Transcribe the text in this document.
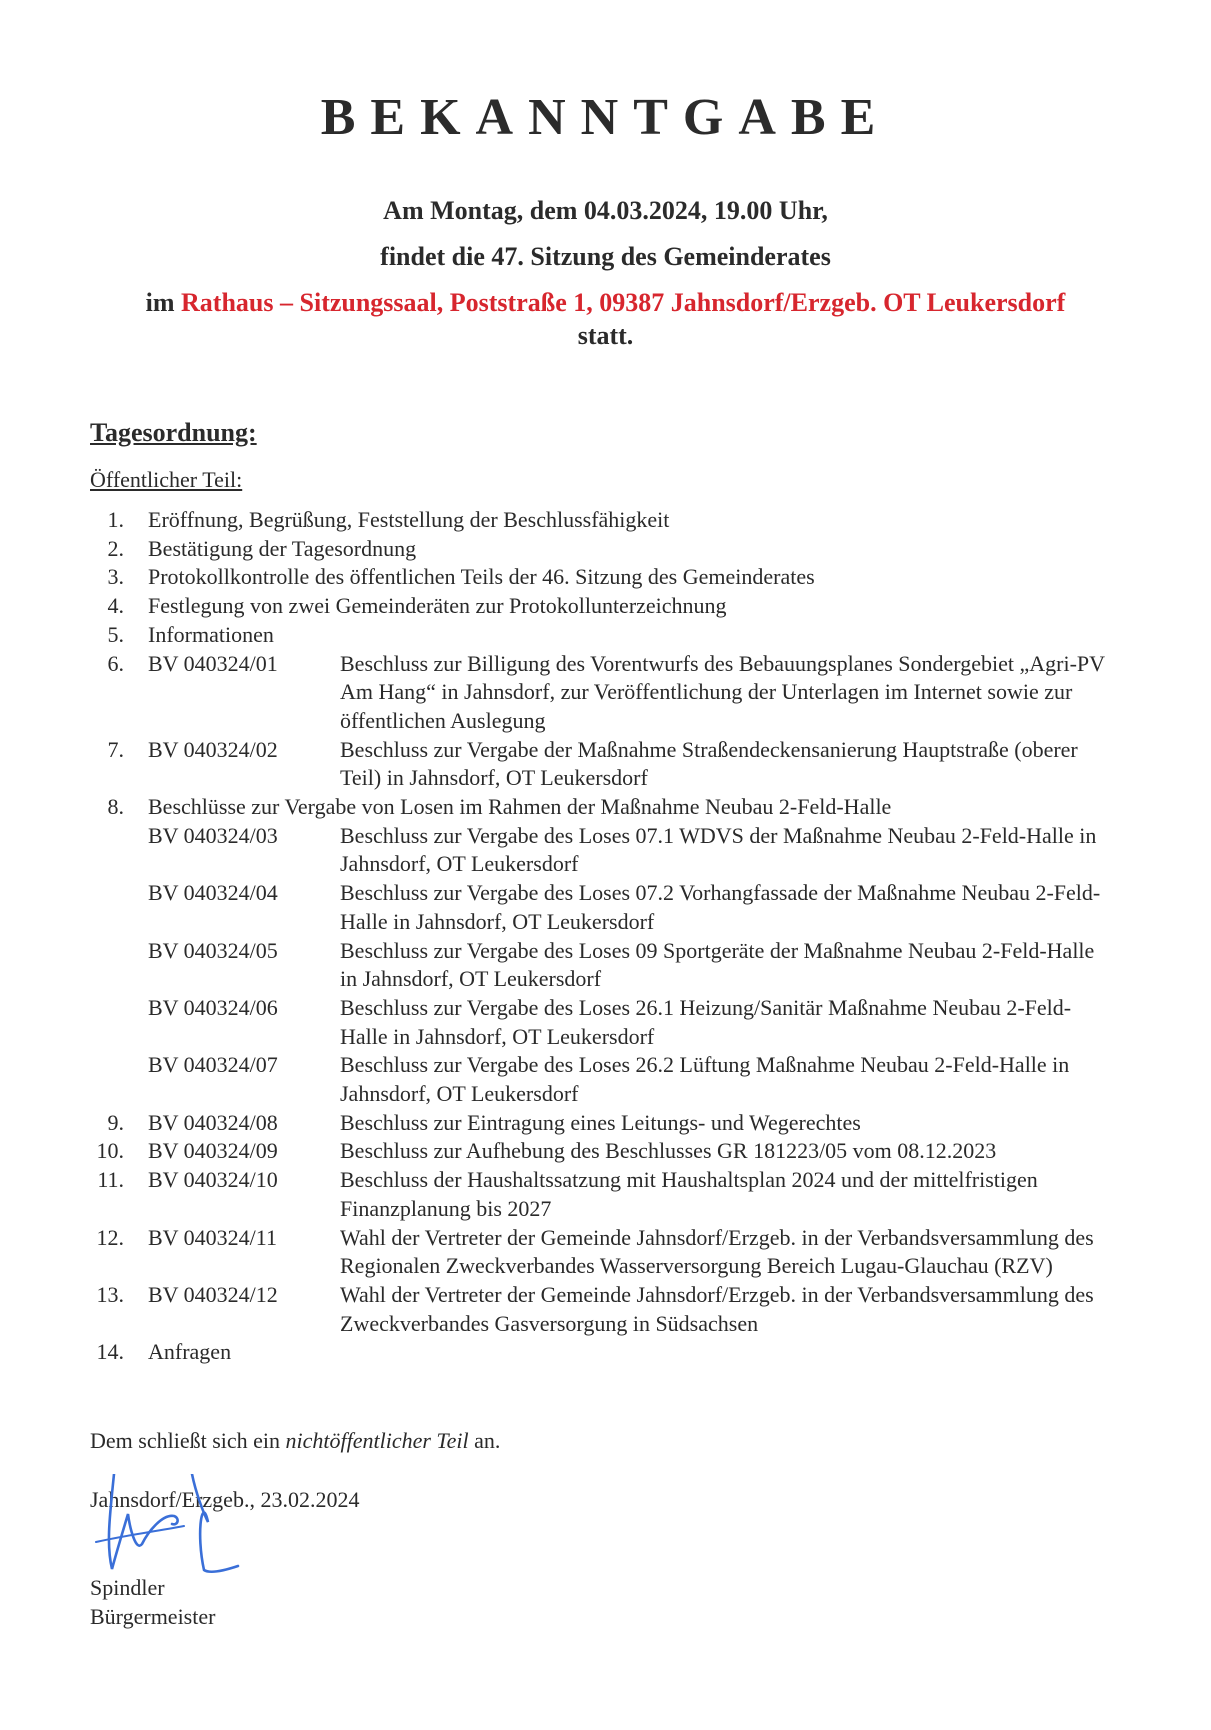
BEKANNTGABE
Am Montag, dem 04.03.2024, 19.00 Uhr,
findet die 47. Sitzung des Gemeinderates
im Rathaus – Sitzungssaal, Poststraße 1, 09387 Jahnsdorf/Erzgeb. OT Leukersdorf
statt.
Tagesordnung:
Öffentlicher Teil:
1. Eröffnung, Begrüßung, Feststellung der Beschlussfähigkeit
2. Bestätigung der Tagesordnung
3. Protokollkontrolle des öffentlichen Teils der 46. Sitzung des Gemeinderates
4. Festlegung von zwei Gemeinderäten zur Protokollunterzeichnung
5. Informationen
6. BV 040324/01	Beschluss zur Billigung des Vorentwurfs des Bebauungsplanes Sondergebiet „Agri-PV Am Hang“ in Jahnsdorf, zur Veröffentlichung der Unterlagen im Internet sowie zur öffentlichen Auslegung
7. BV 040324/02	Beschluss zur Vergabe der Maßnahme Straßendeckensanierung Hauptstraße (oberer Teil) in Jahnsdorf, OT Leukersdorf
8. Beschlüsse zur Vergabe von Losen im Rahmen der Maßnahme Neubau 2-Feld-Halle
BV 040324/03	Beschluss zur Vergabe des Loses 07.1 WDVS der Maßnahme Neubau 2-Feld-Halle in Jahnsdorf, OT Leukersdorf
BV 040324/04	Beschluss zur Vergabe des Loses 07.2 Vorhangfassade der Maßnahme Neubau 2-Feld-Halle in Jahnsdorf, OT Leukersdorf
BV 040324/05	Beschluss zur Vergabe des Loses 09 Sportgeräte der Maßnahme Neubau 2-Feld-Halle in Jahnsdorf, OT Leukersdorf
BV 040324/06	Beschluss zur Vergabe des Loses 26.1 Heizung/Sanitär Maßnahme Neubau 2-Feld-Halle in Jahnsdorf, OT Leukersdorf
BV 040324/07	Beschluss zur Vergabe des Loses 26.2 Lüftung Maßnahme Neubau 2-Feld-Halle in Jahnsdorf, OT Leukersdorf
9. BV 040324/08	Beschluss zur Eintragung eines Leitungs- und Wegerechtes
10. BV 040324/09	Beschluss zur Aufhebung des Beschlusses GR 181223/05 vom 08.12.2023
11. BV 040324/10	Beschluss der Haushaltssatzung mit Haushaltsplan 2024 und der mittelfristigen Finanzplanung bis 2027
12. BV 040324/11	Wahl der Vertreter der Gemeinde Jahnsdorf/Erzgeb. in der Verbandsversammlung des Regionalen Zweckverbandes Wasserversorgung Bereich Lugau-Glauchau (RZV)
13. BV 040324/12	Wahl der Vertreter der Gemeinde Jahnsdorf/Erzgeb. in der Verbandsversammlung des Zweckverbandes Gasversorgung in Südsachsen
14. Anfragen
Dem schließt sich ein nichtöffentlicher Teil an.
Jahnsdorf/Erzgeb., 23.02.2024
Spindler
Bürgermeister
